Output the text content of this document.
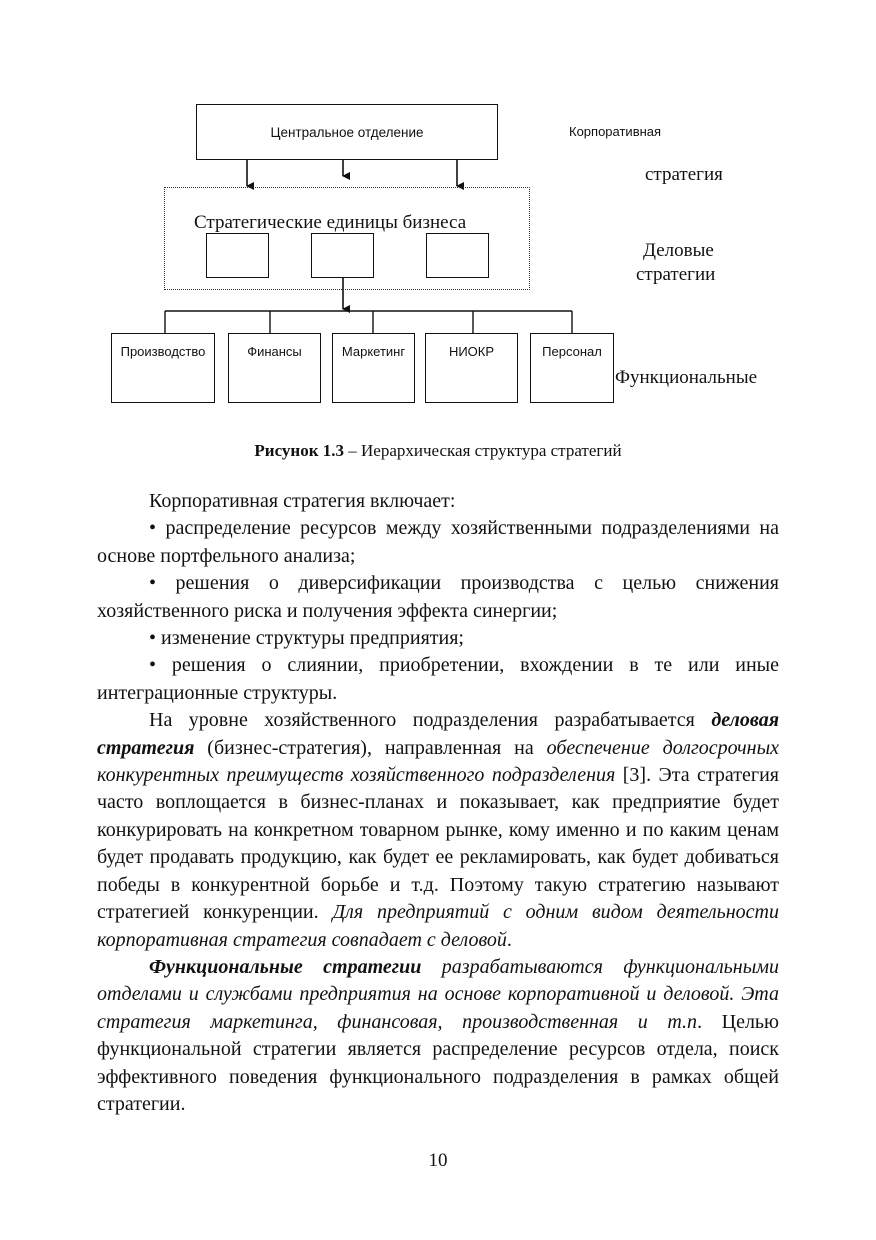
Центральное отделение	Корпоративная
стратегия
Стратегические единицы бизнеса
Деловые
стратегии
Производство	Финансы	Маркетинг	НИОКР	Персонал
Функциональные
Рисунок 1.3 – Иерархическая структура стратегий

Корпоративная стратегия включает:

• распределение ресурсов между хозяйственными подразделениями на основе портфельного анализа;

• решения о диверсификации производства с целью снижения хозяйственного риска и получения эффекта синергии;

• изменение структуры предприятия;

• решения о слиянии, приобретении, вхождении в те или иные интеграционные структуры.

На уровне хозяйственного подразделения разрабатывается деловая стратегия (бизнес-стратегия), направленная на обеспечение долгосрочных конкурентных преимуществ хозяйственного подразделения [3]. Эта стратегия часто воплощается в бизнес-планах и показывает, как предприятие будет конкурировать на конкретном товарном рынке, кому именно и по каким ценам будет продавать продукцию, как будет ее рекламировать, как будет добиваться победы в конкурентной борьбе и т.д. Поэтому такую стратегию называют стратегией конкуренции. Для предприятий с одним видом деятельности корпоративная стратегия совпадает с деловой.

Функциональные стратегии разрабатываются функциональными отделами и службами предприятия на основе корпоративной и деловой. Эта стратегия маркетинга, финансовая, производственная и т.п. Целью функциональной стратегии является распределение ресурсов отдела, поиск эффективного поведения функционального подразделения в рамках общей стратегии.

10
